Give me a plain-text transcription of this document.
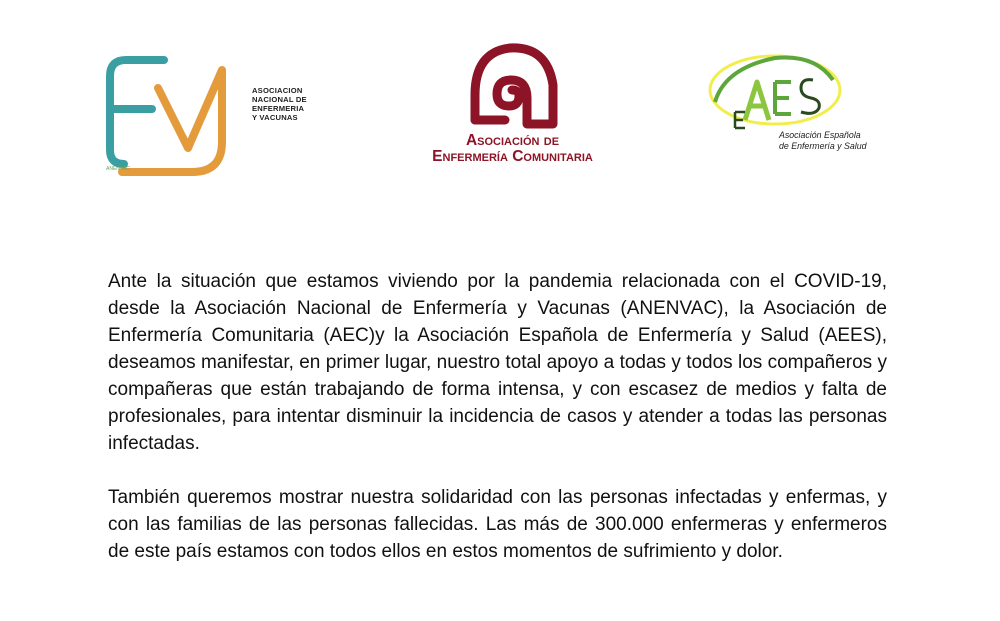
ANENVAC
ASOCIACION
NACIONAL DE
ENFERMERIA
Y VACUNAS
Asociación de
Enfermería Comunitaria
Asociación Española
de Enfermería y Salud

Ante la situación que estamos viviendo por la pandemia relacionada con el COVID-19, desde la Asociación Nacional de Enfermería y Vacunas (ANENVAC), la Asociación de Enfermería Comunitaria (AEC)y la Asociación Española de Enfermería y Salud (AEES), deseamos manifestar, en primer lugar, nuestro total apoyo a todas y todos los compañeros y compañeras que están trabajando de forma intensa, y con escasez de medios y falta de profesionales, para intentar disminuir la incidencia de casos y atender a todas las personas infectadas.

También queremos mostrar nuestra solidaridad con las personas infectadas y enfermas, y con las familias de las personas fallecidas. Las más de 300.000 enfermeras y enfermeros de este país estamos con todos ellos en estos momentos de sufrimiento y dolor.
